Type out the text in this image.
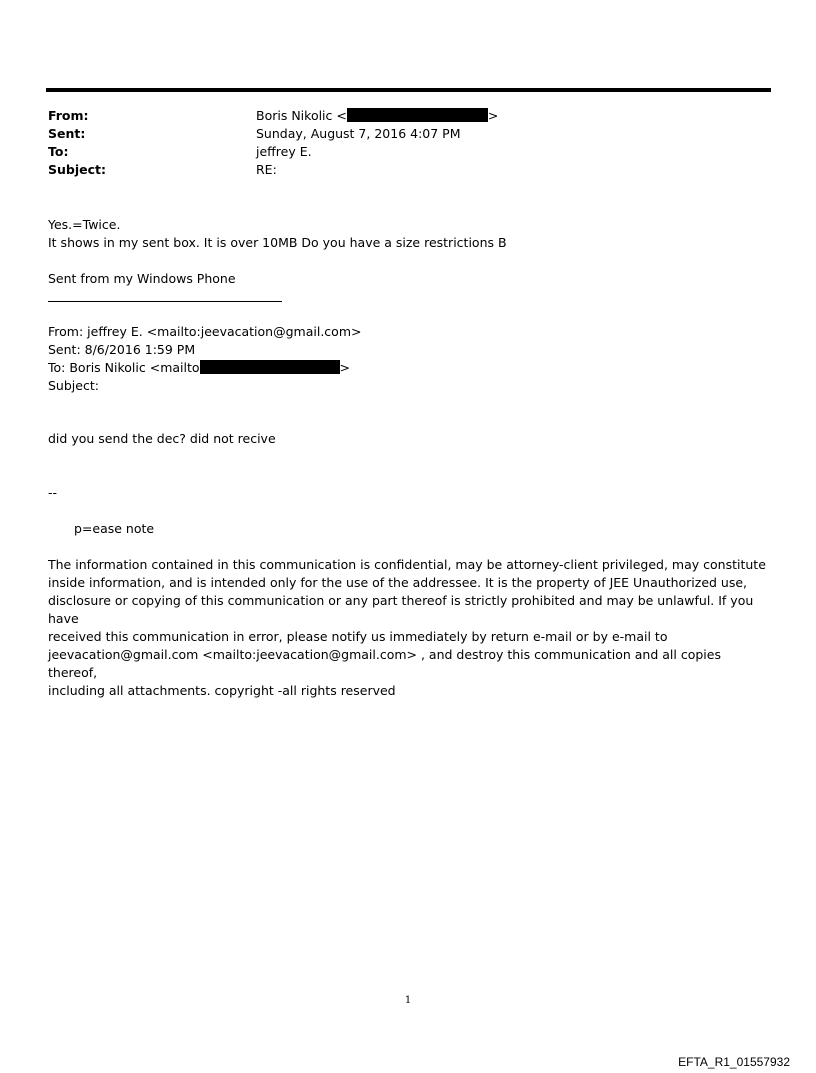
From:	Boris Nikolic <	>
Sent:	Sunday, August 7, 2016 4:07 PM
To:	jeffrey E.
Subject:	RE:
Yes.=Twice.
It shows in my sent box. It is over 10MB Do you have a size restrictions B
Sent from my Windows Phone
From: jeffrey E. <mailto:jeevacation@gmail.com>
Sent: 8/6/2016 1:59 PM
To: Boris Nikolic <mailto	>
Subject:
did you send the dec? did not recive
--
p=ease note
The information contained in this communication is confidential, may be attorney-client privileged, may constitute
inside information, and is intended only for the use of the addressee. It is the property of JEE Unauthorized use,
disclosure or copying of this communication or any part thereof is strictly prohibited and may be unlawful. If you have
received this communication in error, please notify us immediately by return e-mail or by e-mail to
jeevacation@gmail.com <mailto:jeevacation@gmail.com> , and destroy this communication and all copies thereof,
including all attachments. copyright -all rights reserved
1
EFTA_R1_01557932
